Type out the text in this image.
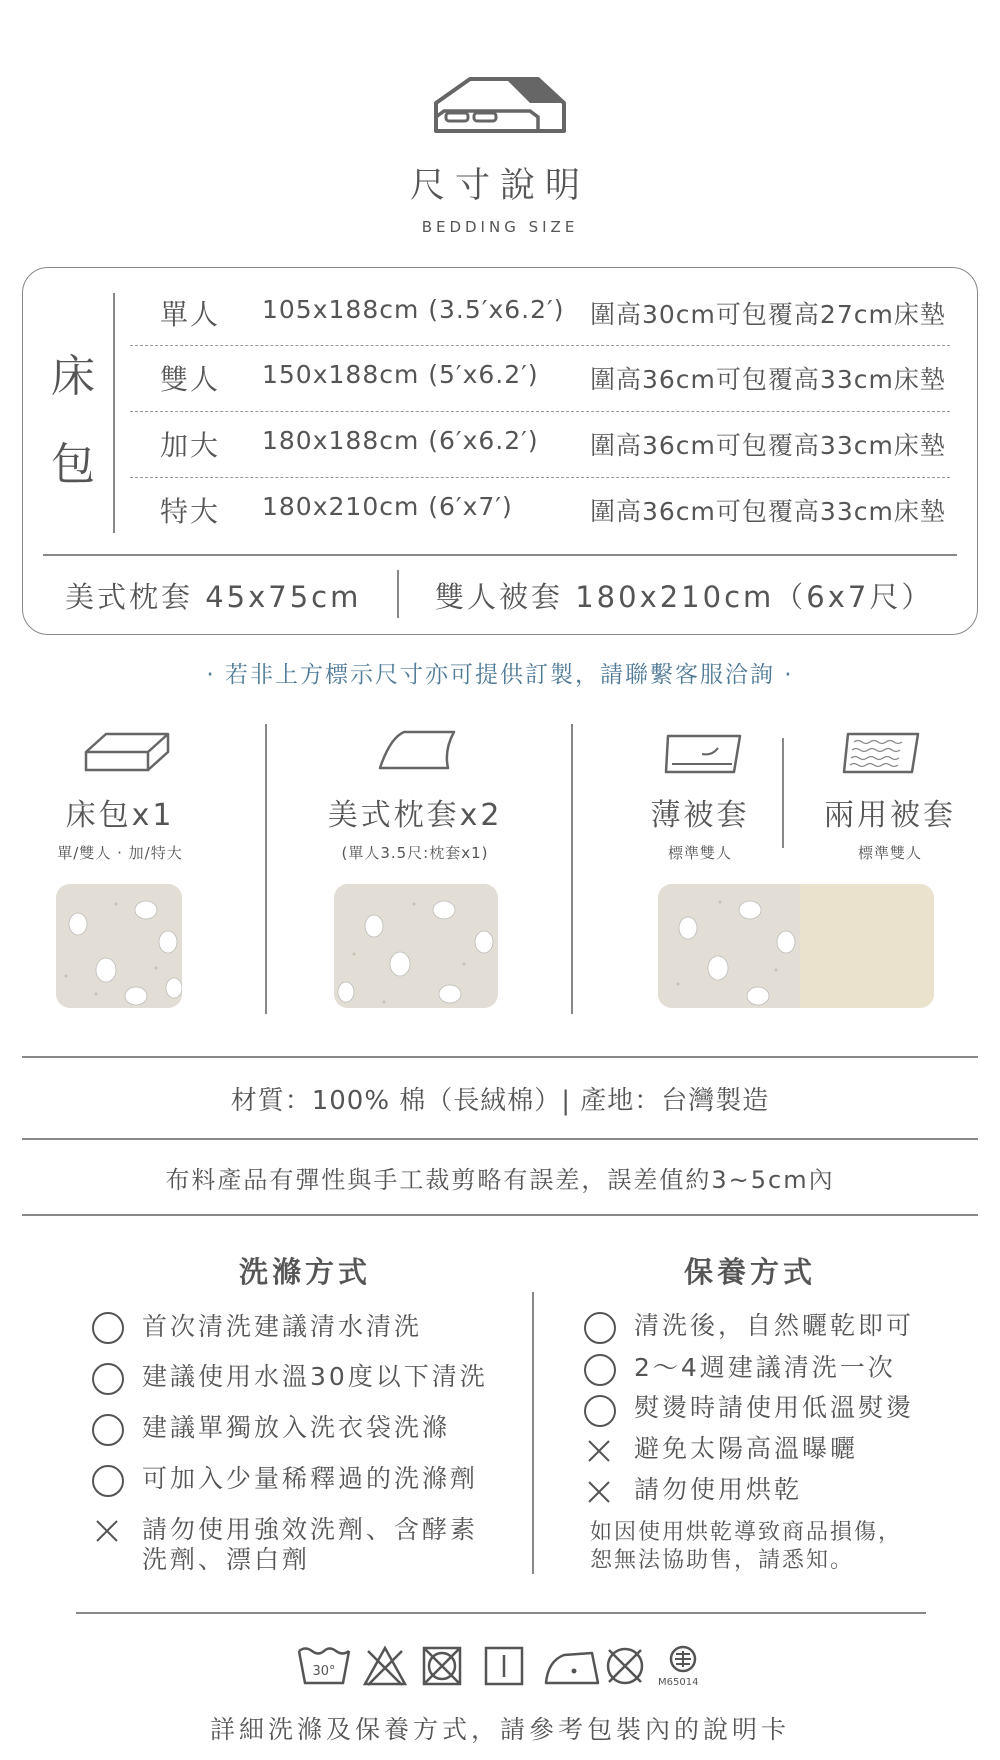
尺寸說明
BEDDING SIZE
床
包
單人 105x188cm (3.5′x6.2′) 圍高30cm可包覆高27cm床墊
雙人 150x188cm (5′x6.2′) 圍高36cm可包覆高33cm床墊
加大 180x188cm (6′x6.2′) 圍高36cm可包覆高33cm床墊
特大 180x210cm (6′x7′)	圍高36cm可包覆高33cm床墊
美式枕套 45x75cm	雙人被套 180x210cm（6x7尺）
· 若非上方標示尺寸亦可提供訂製，請聯繫客服洽詢 ·
床包x1
單/雙人 · 加/特大
美式枕套x2
(單人3.5尺:枕套x1)
薄被套
標準雙人
兩用被套
標準雙人
材質：100% 棉（長絨棉）| 產地：台灣製造
布料產品有彈性與手工裁剪略有誤差，誤差值約3~5cm內
洗滌方式
首次清洗建議清水清洗
建議使用水溫30度以下清洗
建議單獨放入洗衣袋洗滌
可加入少量稀釋過的洗滌劑
請勿使用強效洗劑、含酵素
洗劑、漂白劑
保養方式
清洗後，自然曬乾即可
2～4週建議清洗一次
熨燙時請使用低溫熨燙
避免太陽高溫曝曬
請勿使用烘乾
如因使用烘乾導致商品損傷，
恕無法協助售，請悉知。
30°
M65014
詳細洗滌及保養方式，請參考包裝內的說明卡
